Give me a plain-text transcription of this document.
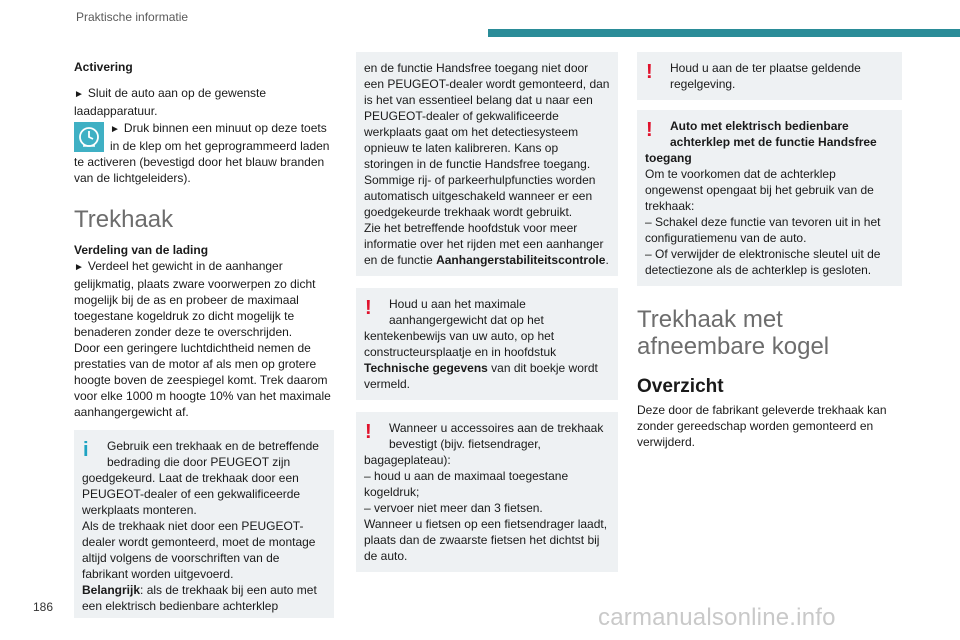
Praktische informatie

Activering

► Sluit de auto aan op de gewenste laadapparatuur.

► Druk binnen een minuut op deze toets in de klep om het geprogrammeerd laden te activeren (bevestigd door het blauw branden van de lichtgeleiders).

Trekhaak

Verdeling van de lading

► Verdeel het gewicht in de aanhanger gelijkmatig, plaats zware voorwerpen zo dicht mogelijk bij de as en probeer de maximaal toegestane kogeldruk zo dicht mogelijk te benaderen zonder deze te overschrijden.

Door een geringere luchtdichtheid nemen de prestaties van de motor af als men op grotere hoogte boven de zeespiegel komt. Trek daarom voor elke 1000 m hoogte 10% van het maximale aanhangergewicht af.

i	Gebruik een trekhaak en de betreffende bedrading die door PEUGEOT zijn
goedgekeurd. Laat de trekhaak door een PEUGEOT-dealer of een gekwalificeerde werkplaats monteren.

Als de trekhaak niet door een PEUGEOT-dealer wordt gemonteerd, moet de montage altijd volgens de voorschriften van de fabrikant worden uitgevoerd.

Belangrijk: als de trekhaak bij een auto met een elektrisch bedienbare achterklep

en de functie Handsfree toegang niet door een PEUGEOT-dealer wordt gemonteerd, dan is het van essentieel belang dat u naar een PEUGEOT-dealer of gekwalificeerde werkplaats gaat om het detectiesysteem opnieuw te laten kalibreren. Kans op storingen in de functie Handsfree toegang. Sommige rij- of parkeerhulpfuncties worden automatisch uitgeschakeld wanneer er een goedgekeurde trekhaak wordt gebruikt.

Zie het betreffende hoofdstuk voor meer informatie over het rijden met een aanhanger en de functie Aanhangerstabiliteitscontrole.

!	Houd u aan het maximale aanhangergewicht dat op het
kentekenbewijs van uw auto, op het constructeursplaatje en in hoofdstuk Technische gegevens van dit boekje wordt vermeld.
!	Wanneer u accessoires aan de trekhaak bevestigt (bijv. fietsendrager,
bagageplateau):

– houd u aan de maximaal toegestane kogeldruk;

– vervoer niet meer dan 3 fietsen.

Wanneer u fietsen op een fietsendrager laadt, plaats dan de zwaarste fietsen het dichtst bij de auto.

!	Houd u aan de ter plaatse geldende
regelgeving.
!	Auto met elektrisch bedienbare achterklep met de functie Handsfree
toegang

Om te voorkomen dat de achterklep ongewenst opengaat bij het gebruik van de trekhaak:

– Schakel deze functie van tevoren uit in het configuratiemenu van de auto.

– Of verwijder de elektronische sleutel uit de detectiezone als de achterklep is gesloten.

Trekhaak met afneembare kogel

Overzicht

Deze door de fabrikant geleverde trekhaak kan zonder gereedschap worden gemonteerd en verwijderd.

186	carmanualsonline.info
